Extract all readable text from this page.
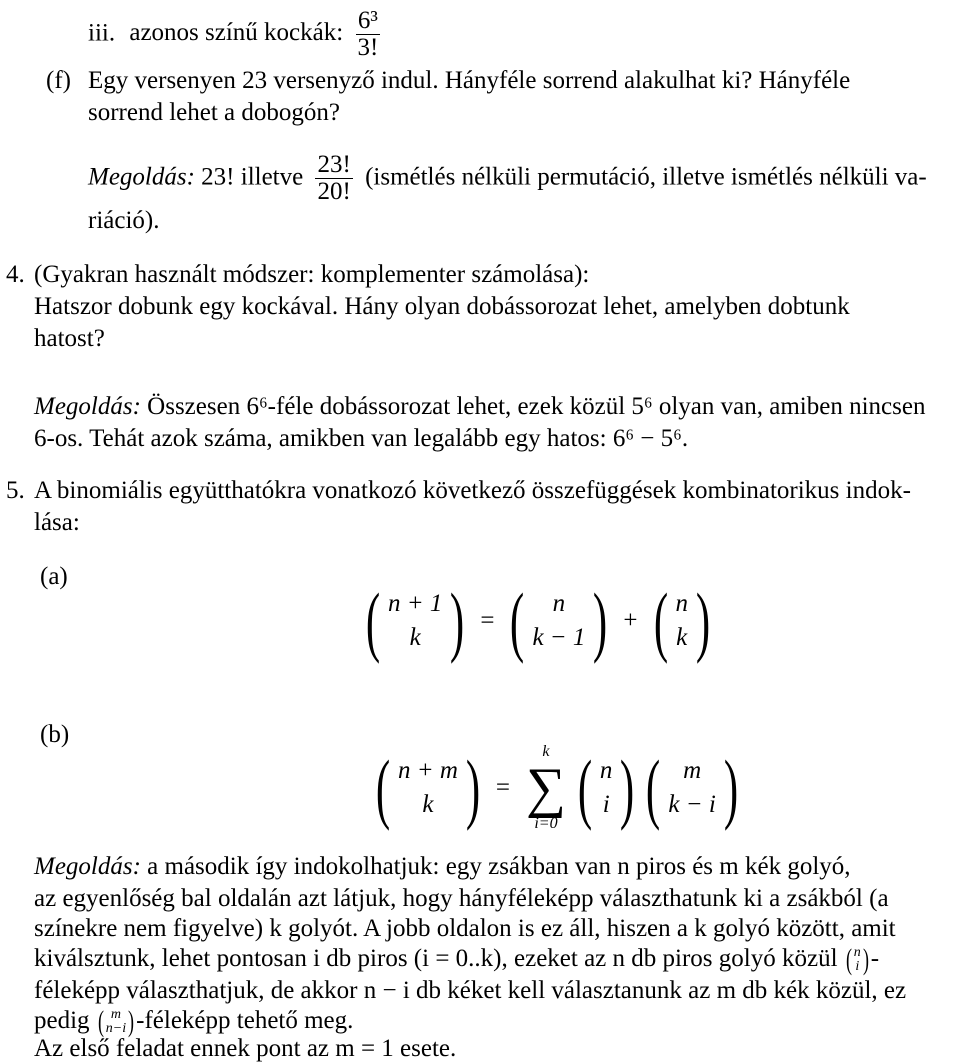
iii. azonos színű kockák: $\frac{\text{6³}}{3!}$
(f) Egy versenyen 23 versenyző indul. Hányféle sorrend alakulhat ki? Hányféle
sorrend lehet a dobogón?
Megoldás: 23! illetve $\frac{23!}{20!}$ (ismétlés nélküli permutáció, illetve ismétlés nélküli va-
riáció).
4. (Gyakran használt módszer: komplementer számolása):
Hatszor dobunk egy kockával. Hány olyan dobássorozat lehet, amelyben dobtunk
hatost?
Megoldás: Összesen 6⁶-féle dobássorozat lehet, ezek közül 5⁶ olyan van, amiben nincsen
6-os. Tehát azok száma, amikben van legalább egy hatos: 6⁶ − 5⁶.
5. A binomiális együtthatókra vonatkozó következő összefüggések kombinatorikus indok-
lása:
(a)
( n + 1
k ) = ( n
k − 1 ) + ( n
k )
(b)
( n + m
k ) =
k
∑
i=0 ( n
i ) ( m
k − i )
Megoldás: a második így indokolhatjuk: egy zsákban van n piros és m kék golyó,
az egyenlőség bal oldalán azt látjuk, hogy hányféleképp választhatunk ki a zsákból (a
színekre nem figyelve) k golyót. A jobb oldalon is ez áll, hiszen a k golyó között, amit
kiválsztunk, lehet pontosan i db piros (i = 0..k), ezeket az n db piros golyó közül ( n
i ) -
féleképp választhatjuk, de akkor n − i db kéket kell választanunk az m db kék közül, ez
pedig ( m
n−i ) -féleképp tehető meg.
Az első feladat ennek pont az m = 1 esete.
